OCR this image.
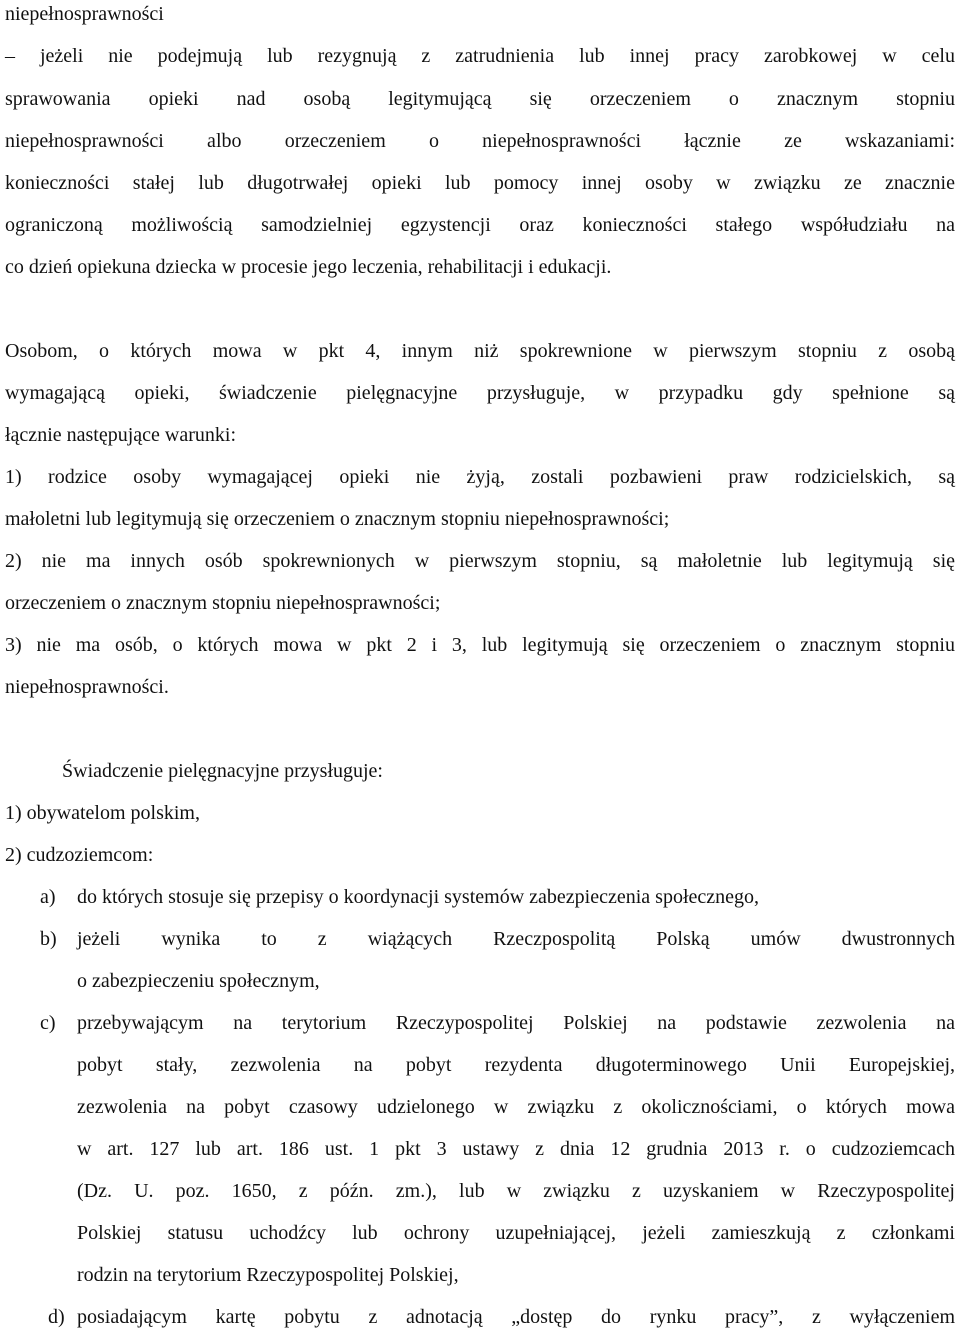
niepełnosprawności
– jeżeli nie podejmują lub rezygnują z zatrudnienia lub innej pracy zarobkowej w celu
sprawowania opieki nad osobą legitymującą się orzeczeniem o znacznym stopniu
niepełnosprawności albo orzeczeniem o niepełnosprawności łącznie ze wskazaniami:
konieczności stałej lub długotrwałej opieki lub pomocy innej osoby w związku ze znacznie
ograniczoną możliwością samodzielniej egzystencji oraz konieczności stałego współudziału na
co dzień opiekuna dziecka w procesie jego leczenia, rehabilitacji i edukacji.
Osobom, o których mowa w pkt 4, innym niż spokrewnione w pierwszym stopniu z osobą
wymagającą opieki, świadczenie pielęgnacyjne przysługuje, w przypadku gdy spełnione są
łącznie następujące warunki:
1) rodzice osoby wymagającej opieki nie żyją, zostali pozbawieni praw rodzicielskich, są
małoletni lub legitymują się orzeczeniem o znacznym stopniu niepełnosprawności;
2) nie ma innych osób spokrewnionych w pierwszym stopniu, są małoletnie lub legitymują się
orzeczeniem o znacznym stopniu niepełnosprawności;
3) nie ma osób, o których mowa w pkt 2 i 3, lub legitymują się orzeczeniem o znacznym stopniu
niepełnosprawności.
Świadczenie pielęgnacyjne przysługuje:
1) obywatelom polskim,
2) cudzoziemcom:
a)	do których stosuje się przepisy o koordynacji systemów zabezpieczenia społecznego,
b)	jeżeli wynika to z wiążących Rzeczpospolitą Polską umów dwustronnych
o zabezpieczeniu społecznym,
c)	przebywającym na terytorium Rzeczypospolitej Polskiej na podstawie zezwolenia na
pobyt stały, zezwolenia na pobyt rezydenta długoterminowego Unii Europejskiej,
zezwolenia na pobyt czasowy udzielonego w związku z okolicznościami, o których mowa
w art. 127 lub art. 186 ust. 1 pkt 3 ustawy z dnia 12 grudnia 2013 r. o cudzoziemcach
(Dz. U. poz. 1650, z późn. zm.), lub w związku z uzyskaniem w Rzeczypospolitej
Polskiej statusu uchodźcy lub ochrony uzupełniającej, jeżeli zamieszkują z członkami
rodzin na terytorium Rzeczypospolitej Polskiej,
d) posiadającym kartę pobytu z adnotacją „dostęp do rynku pracy”, z wyłączeniem
